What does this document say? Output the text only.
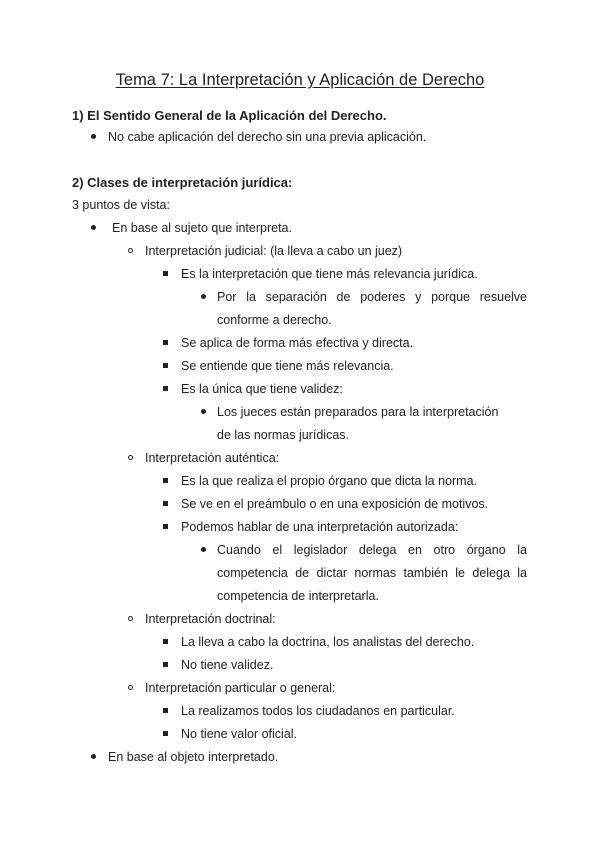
Tema 7: La Interpretación y Aplicación de Derecho
1) El Sentido General de la Aplicación del Derecho.
No cabe aplicación del derecho sin una previa aplicación.
2) Clases de interpretación jurídica:
3 puntos de vista:
En base al sujeto que interpreta.
Interpretación judicial: (la lleva a cabo un juez)
Es la interpretación que tiene más relevancia jurídica.
Por la separación de poderes y porque resuelve
conforme a derecho.
Se aplica de forma más efectiva y directa.
Se entiende que tiene más relevancia.
Es la única que tiene validez:
Los jueces están preparados para la interpretación
de las normas jurídicas.
Interpretación auténtica:
Es la que realiza el propio órgano que dicta la norma.
Se ve en el preámbulo o en una exposición de motivos.
Podemos hablar de una interpretación autorizada:
Cuando el legislador delega en otro órgano la
competencia de dictar normas también le delega la
competencia de interpretarla.
Interpretación doctrinal:
La lleva a cabo la doctrina, los analistas del derecho.
No tiene validez.
Interpretación particular o general:
La realizamos todos los ciudadanos en particular.
No tiene valor oficial.
En base al objeto interpretado.
